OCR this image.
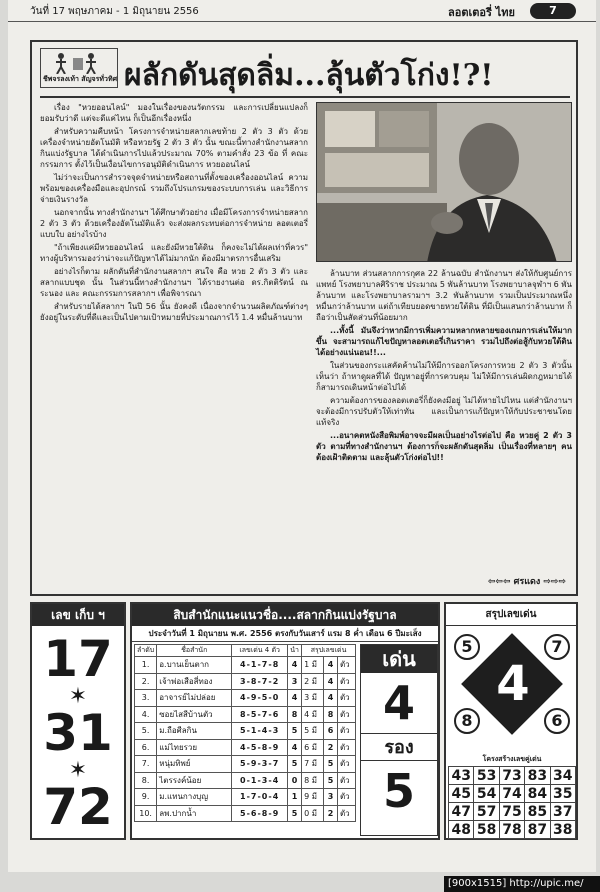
วันที่ 17 พฤษภาคม - 1 มิถุนายน 2556	ลอตเตอรี่ ไทย	7
ชีพจรลงเท้า สัญจรทั่วทิศ ผลักดันสุดลิ่ม...ลุ้นตัวโก่ง!?!

เรื่อง "หวยออนไลน์" มองในเรื่องของนวัตกรรม และการเปลี่ยนแปลงก็ยอมรับว่าดี แต่จะดีแค่ไหน ก็เป็นอีกเรื่องหนึ่ง

สำหรับความคืบหน้า โครงการจำหน่ายสลากเลขท้าย 2 ตัว 3 ตัว ด้วยเครื่องจำหน่ายอัตโนมัติ หรือหวยรัฐ 2 ตัว 3 ตัว นั้น ขณะนี้ทางสำนักงานสลากกินแบ่งรัฐบาล ได้ดำเนินการไปแล้วประมาณ 70% ตามคำสั่ง 23 ข้อ ที่ คณะกรรมการ ตั้งไว้เป็นเงื่อนไขการอนุมัติดำเนินการ หวยออนไลน์

ไม่ว่าจะเป็นการสำรวจจุดจำหน่ายหรือสถานที่ตั้งของเครื่องออนไลน์ ความพร้อมของเครื่องมือและอุปกรณ์ รวมถึงโปรแกรมของระบบการเล่น และวิธีการจ่ายเงินรางวัล

นอกจากนั้น ทางสำนักงานฯ ได้ศึกษาตัวอย่าง เมื่อมีโครงการจำหน่ายสลาก 2 ตัว 3 ตัว ด้วยเครื่องอัตโนมัติแล้ว จะส่งผลกระทบต่อการจำหน่าย ลอตเตอรี่แบบใบ อย่างไรบ้าง

"ถ้าเพียงแค่มีหวยออนไลน์ และยังมีหวยใต้ดิน ก็คงจะไม่ได้ผลเท่าที่ควร" ทางผู้บริหารมองว่าน่าจะแก้ปัญหาได้ไม่มากนัก ต้องมีมาตรการอื่นเสริม

อย่างไรก็ตาม ผลักดันที่สำนักงานสลากฯ สนใจ คือ หวย 2 ตัว 3 ตัว และ สลากแบบชุด นั้น ในส่วนนี้ทางสำนักงานฯ ได้รายงานต่อ ดร.กิตติรัตน์ ณ ระนอง และ คณะกรรมการสลากฯ เพื่อพิจารณา

สำหรับรายได้สลากฯ ในปี 56 นั้น ยังคงดี เนื่องจากจำนวนผลิตภัณฑ์ต่างๆ ยังอยู่ในระดับที่ดีและเป็นไปตามเป้าหมายที่ประมาณการไว้ 1.4 หมื่นล้านบาท

ล้านบาท ส่วนสลากการกุศล 22 ล้านฉบับ สำนักงานฯ ส่งให้กับศูนย์การแพทย์ โรงพยาบาลศิริราช ประมาณ 5 พันล้านบาท โรงพยาบาลจุฬาฯ 6 พันล้านบาท และโรงพยาบาลรามาฯ 3.2 พันล้านบาท รวมเป็นประมาณหนึ่งหมื่นกว่าล้านบาท แต่ถ้าเทียบยอดขายหวยใต้ดิน ที่มีเป็นแสนกว่าล้านบาท ก็ถือว่าเป็นสัดส่วนที่น้อยมาก

...ทั้งนี้ มันจึงว่าหากมีการเพิ่มความหลากหลายของเกมการเล่นให้มากขึ้น จะสามารถแก้ไขปัญหาลอตเตอรี่เกินราคา รวมไปถึงต่อสู้กับหวยใต้ดินได้อย่างแน่นอน!!...

ในส่วนของกระแสคัดค้านไม่ให้มีการออกโครงการหวย 2 ตัว 3 ตัวนั้น เห็นว่า ถ้าหาดูผลที่ได้ ปัญหาอยู่ที่การควบคุม ไม่ให้มีการเล่นผิดกฎหมายได้ ก็สามารถเดินหน้าต่อไปได้

ความต้องการของลอตเตอรี่ก็ยังคงมีอยู่ ไม่ได้หายไปไหน แต่สำนักงานฯ จะต้องมีการปรับตัวให้เท่าทัน และเป็นการแก้ปัญหาให้กับประชาชนโดยแท้จริง

...อนาคตหนังสือพิมพ์อาจจะมีผลเป็นอย่างไรต่อไป คือ หวยคู่ 2 ตัว 3 ตัว ตามที่ทางสำนักงานฯ ต้องการก็จะผลักดันสุดลิ่ม เป็นเรื่องที่หลายๆ คนต้องเฝ้าติดตาม และลุ้นตัวโก่งต่อไป!!

⇦⇦⇦ ศรแดง ⇨⇨⇨
เลข เก็บ ฯ
17
✶
31
✶
72
สิบสำนักแนะแนวชื่อ....สลากกินแบ่งรัฐบาล
ประจำวันที่ 1 มิถุนายน พ.ศ. 2556 ตรงกับวันเสาร์ แรม 8 ค่ำ เดือน 6 ปีมะเส็ง
ลำดับ	ชื่อสำนัก	เลขเด่น 4 ตัว	นำ	สรุปเลขเด่น		
1.	อ.บานเย็นตาก	4-1-7-8	4	1 มี	4	ตัว
2.	เจ้าพ่อเสือสี่ทอง	3-8-7-2	3	2 มี	4	ตัว
3.	อาจารย์ไม่ปล่อย	4-9-5-0	4	3 มี	4	ตัว
4.	ซอยไสสีบ้านตัว	8-5-7-6	8	4 มี	8	ตัว
5.	ม.ถือศีลกิน	5-1-4-3	5	5 มี	6	ตัว
6.	แม่ไทยรวย	4-5-8-9	4	6 มี	2	ตัว
7.	หนุ่มทิพย์	5-9-3-7	5	7 มี	5	ตัว
8.	ไตรรงค์น้อย	0-1-3-4	0	8 มี	5	ตัว
9.	ม.แทนกางบุญ	1-7-0-4	1	9 มี	3	ตัว
10.	ลพ.ปากน้ำ	5-6-8-9	5	0 มี	2	ตัว
เด่น
4
รอง
5
สรุปเลขเด่น
5	7
8	6
4
โครงสร้างเลขคู่เด่น
43	53	73	83	34
45	54	74	84	35
47	57	75	85	37
48	58	78	87	38
[900x1515] http://upic.me/
